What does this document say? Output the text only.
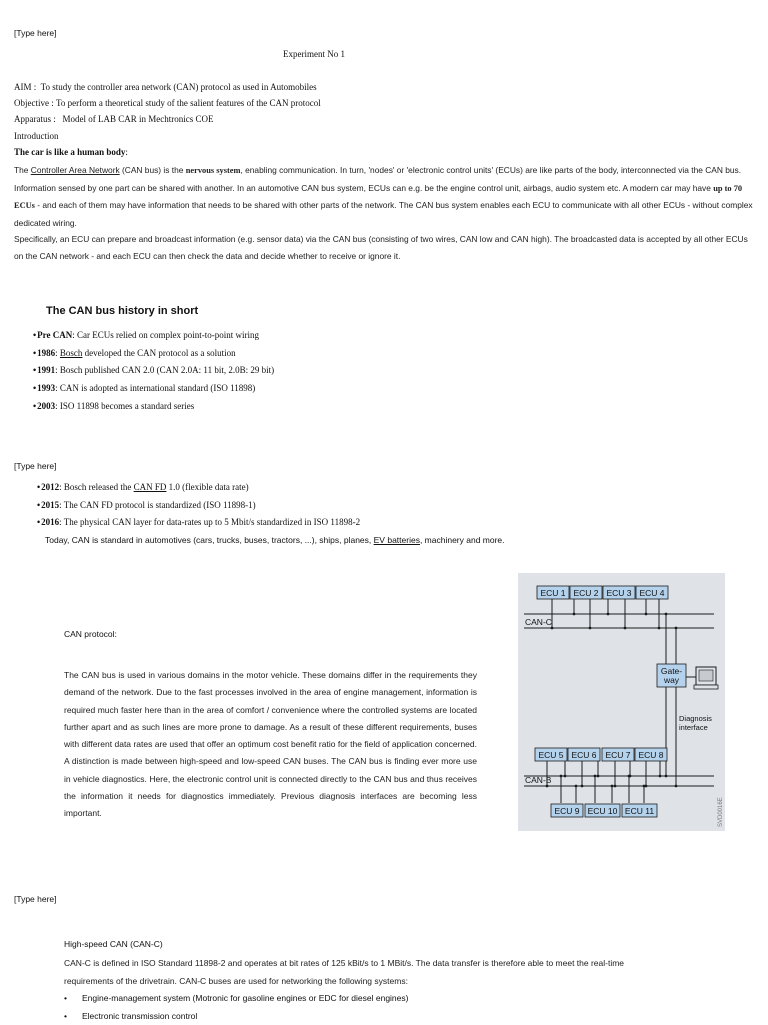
[Type here]
[Type here]
[Type here]
Experiment No 1
AIM :  To study the controller area network (CAN) protocol as used in Automobiles
Objective : To perform a theoretical study of the salient features of the CAN protocol
Apparatus :   Model of LAB CAR in Mechtronics COE
Introduction
The car is like a human body:
The Controller Area Network (CAN bus) is the nervous system, enabling communication. In turn, 'nodes' or 'electronic control units' (ECUs) are like parts of the body, interconnected via the CAN bus. Information sensed by one part can be shared with another. In an automotive CAN bus system, ECUs can e.g. be the engine control unit, airbags, audio system etc. A modern car may have up to 70 ECUs - and each of them may have information that needs to be shared with other parts of the network. The CAN bus system enables each ECU to communicate with all other ECUs - without complex dedicated wiring.
Specifically, an ECU can prepare and broadcast information (e.g. sensor data) via the CAN bus (consisting of two wires, CAN low and CAN high). The broadcasted data is accepted by all other ECUs on the CAN network - and each ECU can then check the data and decide whether to receive or ignore it.
The CAN bus history in short
• Pre CAN: Car ECUs relied on complex point-to-point wiring
• 1986: Bosch developed the CAN protocol as a solution
• 1991: Bosch published CAN 2.0 (CAN 2.0A: 11 bit, 2.0B: 29 bit)
• 1993: CAN is adopted as international standard (ISO 11898)
• 2003: ISO 11898 becomes a standard series
• 2012: Bosch released the CAN FD 1.0 (flexible data rate)
• 2015: The CAN FD protocol is standardized (ISO 11898-1)
• 2016: The physical CAN layer for data-rates up to 5 Mbit/s standardized in ISO 11898-2
Today, CAN is standard in automotives (cars, trucks, buses, tractors, ...), ships, planes, EV batteries, machinery and more.
CAN protocol:
The CAN bus is used in various domains in the motor vehicle. These domains differ in the requirements they demand of the network. Due to the fast processes involved in the area of engine management, information is required much faster here than in the area of comfort / convenience where the controlled systems are located further apart and as such lines are more prone to damage. As a result of these different requirements, buses with different data rates are used that offer an optimum cost benefit ratio for the field of application concerned. A distinction is made between high-speed and low-speed CAN buses. The CAN bus is finding ever more use in vehicle diagnostics. Here, the electronic control unit is connected directly to the CAN bus and thus receives the information it needs for diagnostics immediately. Previous diagnosis interfaces are becoming less important.
ECU 1 ECU 2 ECU 3 ECU 4
CAN-C
Gate-
way
Diagnosis
interface
ECU 5 ECU 6 ECU 7 ECU 8
CAN-B
ECU 9 ECU 10 ECU 11	SVD0016E
High-speed CAN (CAN-C)
CAN-C is defined in ISO Standard 11898-2 and operates at bit rates of 125 kBit/s to 1 MBit/s. The data transfer is therefore able to meet the real-time requirements of the drivetrain. CAN-C buses are used for networking the following systems:
• Engine-management system (Motronic for gasoline engines or EDC for diesel engines)
• Electronic transmission control
